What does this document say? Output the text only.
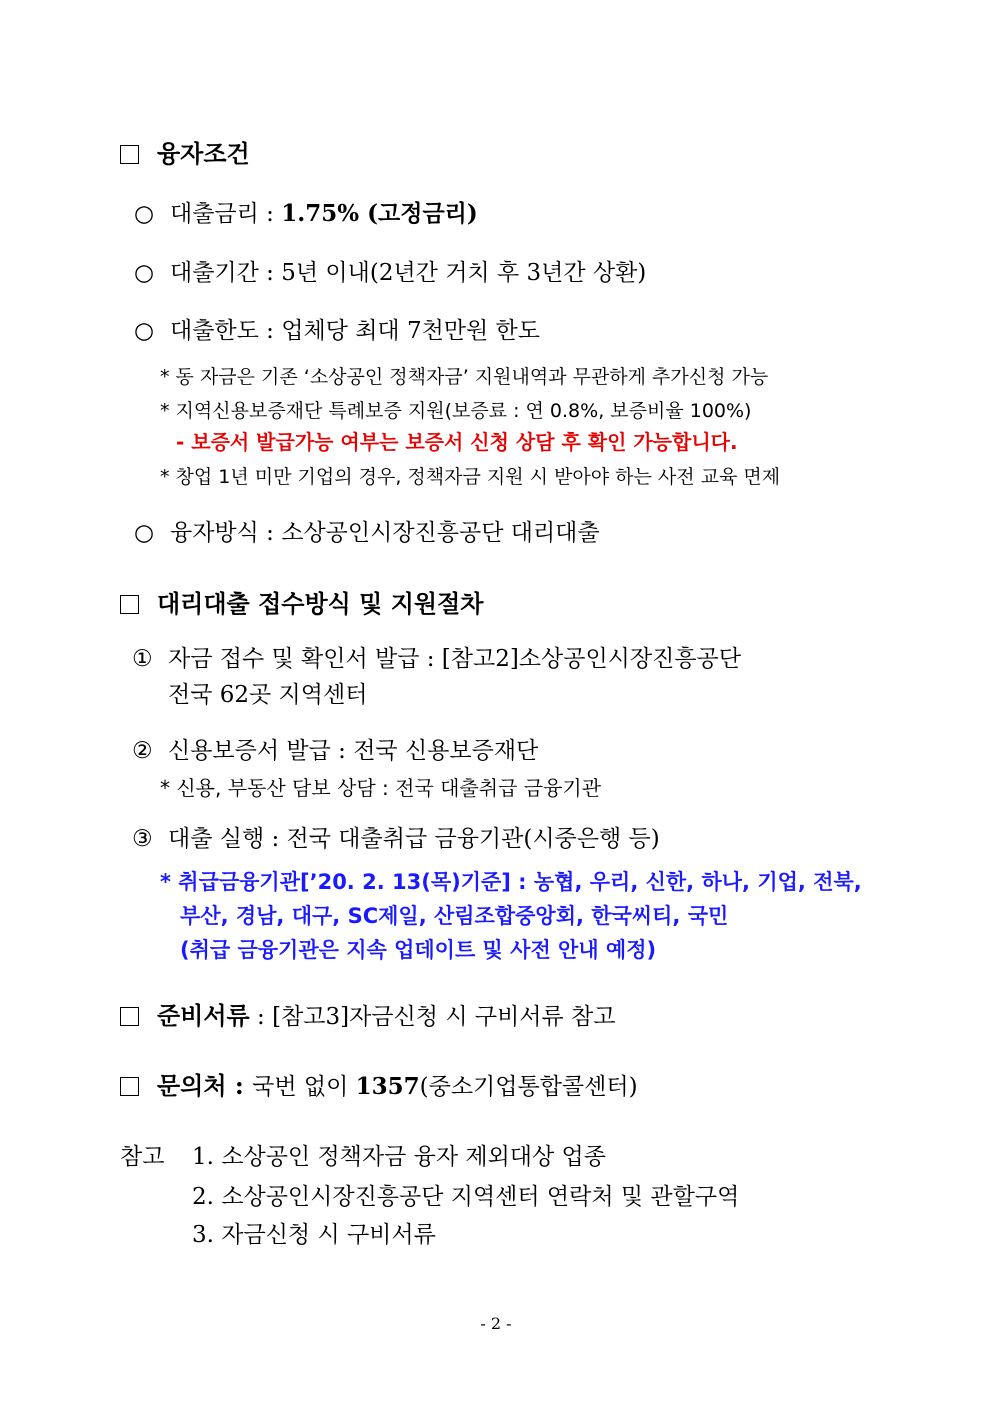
융자조건
○ 대출금리 : 1.75% (고정금리)
○ 대출기간 : 5년 이내(2년간 거치 후 3년간 상환)
○ 대출한도 : 업체당 최대 7천만원 한도
* 동 자금은 기존 ‘소상공인 정책자금’ 지원내역과 무관하게 추가신청 가능
* 지역신용보증재단 특례보증 지원(보증료 : 연 0.8%, 보증비율 100%)
- 보증서 발급가능 여부는 보증서 신청 상담 후 확인 가능합니다.
* 창업 1년 미만 기업의 경우, 정책자금 지원 시 받아야 하는 사전 교육 면제
○ 융자방식 : 소상공인시장진흥공단 대리대출
대리대출 접수방식 및 지원절차
① 자금 접수 및 확인서 발급 : [참고2]소상공인시장진흥공단
전국 62곳 지역센터
② 신용보증서 발급 : 전국 신용보증재단
* 신용, 부동산 담보 상담 : 전국 대출취급 금융기관
③ 대출 실행 : 전국 대출취급 금융기관(시중은행 등)
* 취급금융기관[’20. 2. 13(목)기준] : 농협, 우리, 신한, 하나, 기업, 전북,
부산, 경남, 대구, SC제일, 산림조합중앙회, 한국씨티, 국민
(취급 금융기관은 지속 업데이트 및 사전 안내 예정)
준비서류 : [참고3]자금신청 시 구비서류 참고
문의처 : 국번 없이 1357(중소기업통합콜센터)
참고 1. 소상공인 정책자금 융자 제외대상 업종
2. 소상공인시장진흥공단 지역센터 연락처 및 관할구역
3. 자금신청 시 구비서류
- 2 -
